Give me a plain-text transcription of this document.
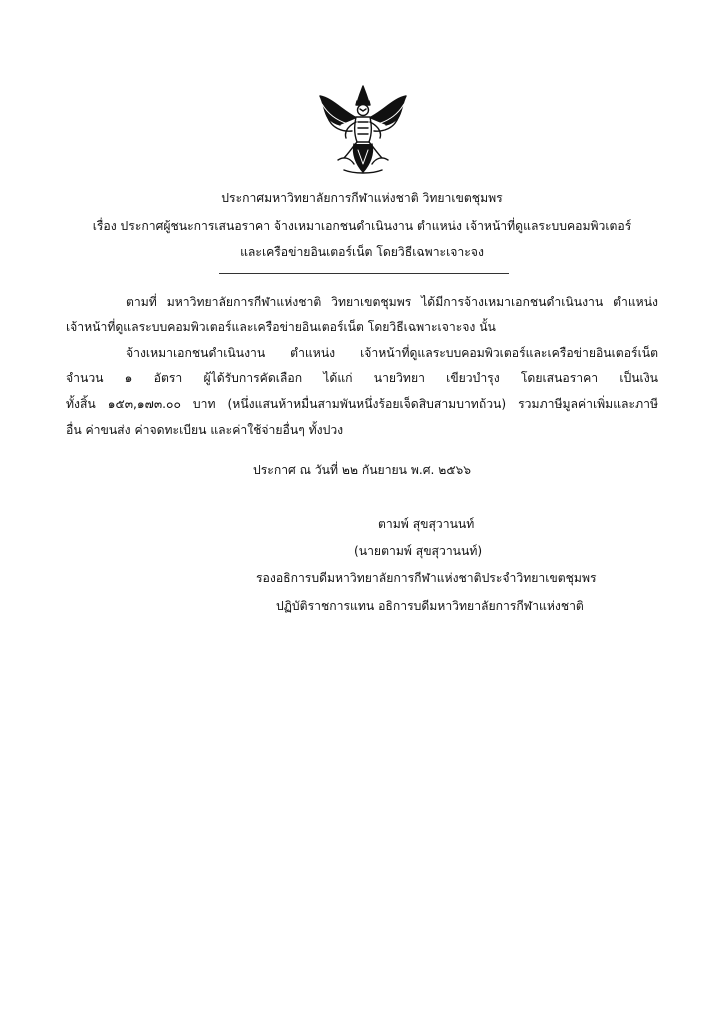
ประกาศมหาวิทยาลัยการกีฬาแห่งชาติ วิทยาเขตชุมพร
เรื่อง ประกาศผู้ชนะการเสนอราคา จ้างเหมาเอกชนดำเนินงาน ตำแหน่ง เจ้าหน้าที่ดูแลระบบคอมพิวเตอร์
และเครือข่ายอินเตอร์เน็ต โดยวิธีเฉพาะเจาะจง
ตามที่ มหาวิทยาลัยการกีฬาแห่งชาติ วิทยาเขตชุมพร ได้มีการจ้างเหมาเอกชนดำเนินงาน ตำแหน่ง
เจ้าหน้าที่ดูแลระบบคอมพิวเตอร์และเครือข่ายอินเตอร์เน็ต โดยวิธีเฉพาะเจาะจง นั้น
จ้างเหมาเอกชนดำเนินงาน ตำแหน่ง เจ้าหน้าที่ดูแลระบบคอมพิวเตอร์และเครือข่ายอินเตอร์เน็ต
จำนวน ๑ อัตรา ผู้ได้รับการคัดเลือก ได้แก่ นายวิทยา เขียวบำรุง โดยเสนอราคา เป็นเงิน
ทั้งสิ้น ๑๕๓,๑๗๓.๐๐ บาท (หนึ่งแสนห้าหมื่นสามพันหนึ่งร้อยเจ็ดสิบสามบาทถ้วน) รวมภาษีมูลค่าเพิ่มและภาษี
อื่น ค่าขนส่ง ค่าจดทะเบียน และค่าใช้จ่ายอื่นๆ ทั้งปวง
ประกาศ ณ วันที่ ๒๒ กันยายน พ.ศ. ๒๕๖๖
ตามพ์ สุขสุวานนท์
(นายตามพ์ สุขสุวานนท์)
รองอธิการบดีมหาวิทยาลัยการกีฬาแห่งชาติประจำวิทยาเขตชุมพร
ปฏิบัติราชการแทน อธิการบดีมหาวิทยาลัยการกีฬาแห่งชาติ
